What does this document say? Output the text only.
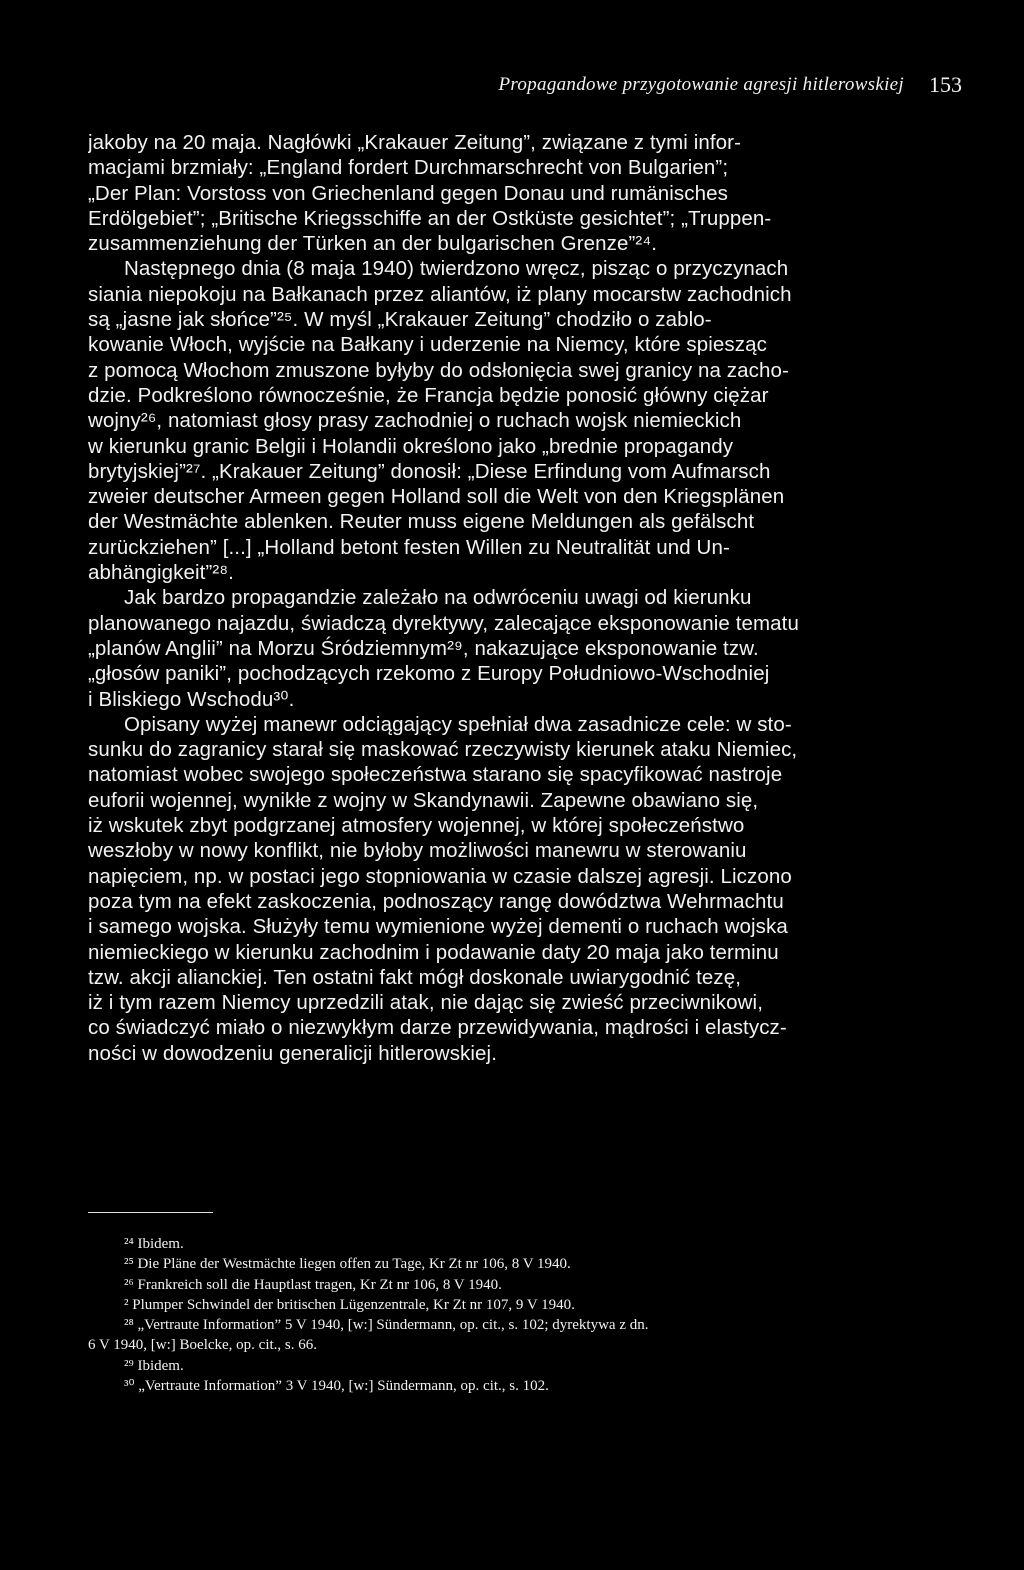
Propagandowe przygotowanie agresji hitlerowskiej 153
jakoby na 20 maja. Nagłówki „Krakauer Zeitung”, związane z tymi infor-
macjami brzmiały: „England fordert Durchmarschrecht von Bulgarien”;
„Der Plan: Vorstoss von Griechenland gegen Donau und rumänisches
Erdölgebiet”; „Britische Kriegsschiffe an der Ostküste gesichtet”; „Truppen-
zusammenziehung der Türken an der bulgarischen Grenze”²⁴.
Następnego dnia (8 maja 1940) twierdzono wręcz, pisząc o przyczynach
siania niepokoju na Bałkanach przez aliantów, iż plany mocarstw zachodnich
są „jasne jak słońce”²⁵. W myśl „Krakauer Zeitung” chodziło o zablo-
kowanie Włoch, wyjście na Bałkany i uderzenie na Niemcy, które spiesząc
z pomocą Włochom zmuszone byłyby do odsłonięcia swej granicy na zacho-
dzie. Podkreślono równocześnie, że Francja będzie ponosić główny ciężar
wojny²⁶, natomiast głosy prasy zachodniej o ruchach wojsk niemieckich
w kierunku granic Belgii i Holandii określono jako „brednie propagandy
brytyjskiej”²⁷. „Krakauer Zeitung” donosił: „Diese Erfindung vom Aufmarsch
zweier deutscher Armeen gegen Holland soll die Welt von den Kriegsplänen
der Westmächte ablenken. Reuter muss eigene Meldungen als gefälscht
zurückziehen” [...] „Holland betont festen Willen zu Neutralität und Un-
abhängigkeit”²⁸.
Jak bardzo propagandzie zależało na odwróceniu uwagi od kierunku
planowanego najazdu, świadczą dyrektywy, zalecające eksponowanie tematu
„planów Anglii” na Morzu Śródziemnym²⁹, nakazujące eksponowanie tzw.
„głosów paniki”, pochodzących rzekomo z Europy Południowo-Wschodniej
i Bliskiego Wschodu³⁰.
Opisany wyżej manewr odciągający spełniał dwa zasadnicze cele: w sto-
sunku do zagranicy starał się maskować rzeczywisty kierunek ataku Niemiec,
natomiast wobec swojego społeczeństwa starano się spacyfikować nastroje
euforii wojennej, wynikłe z wojny w Skandynawii. Zapewne obawiano się,
iż wskutek zbyt podgrzanej atmosfery wojennej, w której społeczeństwo
weszłoby w nowy konflikt, nie byłoby możliwości manewru w sterowaniu
napięciem, np. w postaci jego stopniowania w czasie dalszej agresji. Liczono
poza tym na efekt zaskoczenia, podnoszący rangę dowództwa Wehrmachtu
i samego wojska. Służyły temu wymienione wyżej dementi o ruchach wojska
niemieckiego w kierunku zachodnim i podawanie daty 20 maja jako terminu
tzw. akcji alianckiej. Ten ostatni fakt mógł doskonale uwiarygodnić tezę,
iż i tym razem Niemcy uprzedzili atak, nie dając się zwieść przeciwnikowi,
co świadczyć miało o niezwykłym darze przewidywania, mądrości i elastycz-
ności w dowodzeniu generalicji hitlerowskiej.
²⁴ Ibidem.
²⁵ Die Pläne der Westmächte liegen offen zu Tage, Kr Zt nr 106, 8 V 1940.
²⁶ Frankreich soll die Hauptlast tragen, Kr Zt nr 106, 8 V 1940.
² Plumper Schwindel der britischen Lügenzentrale, Kr Zt nr 107, 9 V 1940.
²⁸ „Vertraute Information” 5 V 1940, [w:] Sündermann, op. cit., s. 102; dyrektywa z dn.
6 V 1940, [w:] Boelcke, op. cit., s. 66.
²⁹ Ibidem.
³⁰ „Vertraute Information” 3 V 1940, [w:] Sündermann, op. cit., s. 102.
